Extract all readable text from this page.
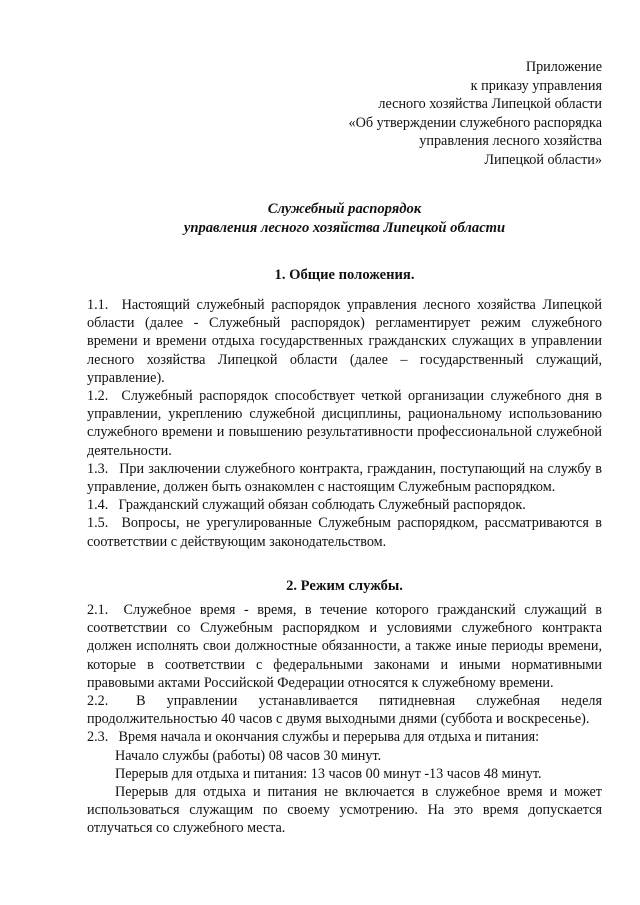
Приложение
к приказу управления
лесного хозяйства Липецкой области
«Об утверждении служебного распорядка
управления лесного хозяйства
Липецкой области»
Служебный распорядок
управления лесного хозяйства Липецкой области
1. Общие положения.

1.1. Настоящий служебный распорядок управления лесного хозяйства Липецкой области (далее - Служебный распорядок) регламентирует режим служебного времени и времени отдыха государственных гражданских служащих в управлении лесного хозяйства Липецкой области (далее – государственный служащий, управление).

1.2. Служебный распорядок способствует четкой организации служебного дня в управлении, укреплению служебной дисциплины, рациональному использованию служебного времени и повышению результативности профессиональной служебной деятельности.

1.3. При заключении служебного контракта, гражданин, поступающий на службу в управление, должен быть ознакомлен с настоящим Служебным распорядком.

1.4. Гражданский служащий обязан соблюдать Служебный распорядок.

1.5. Вопросы, не урегулированные Служебным распорядком, рассматриваются в соответствии с действующим законодательством.

2. Режим службы.

2.1. Служебное время - время, в течение которого гражданский служащий в соответствии со Служебным распорядком и условиями служебного контракта должен исполнять свои должностные обязанности, а также иные периоды времени, которые в соответствии с федеральными законами и иными нормативными правовыми актами Российской Федерации относятся к служебному времени.

2.2. В управлении устанавливается пятидневная служебная неделя продолжительностью 40 часов с двумя выходными днями (суббота и воскресенье).

2.3. Время начала и окончания службы и перерыва для отдыха и питания:

Начало службы (работы) 08 часов 30 минут.

Перерыв для отдыха и питания: 13 часов 00 минут -13 часов 48 минут.

Перерыв для отдыха и питания не включается в служебное время и может использоваться служащим по своему усмотрению. На это время допускается отлучаться со служебного места.
